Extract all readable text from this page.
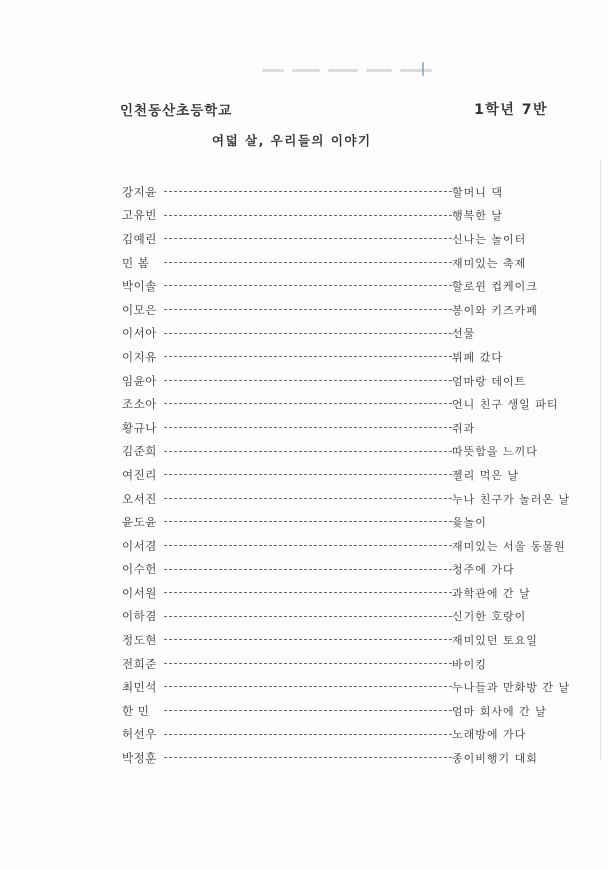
인천동산초등학교	1학년 7반
여덟 살, 우리들의 이야기
강지윤	할머니 댁
고유빈	행복한 날
김예린	신나는 놀이터
민 봄	재미있는 축제
박이솔	할로윈 컵케이크
이모은	봉이와 키즈카페
이서아	선물
이지유	뷔페 갔다
임윤아	엄마랑 데이트
조소아	언니 친구 생일 파티
황규나	쥐과
김준희	따뜻함을 느끼다
여진리	젤리 먹은 날
오서진	누나 친구가 놀러온 날
윤도윤	윷놀이
이서겸	재미있는 서울 동물원
이수헌	청주에 가다
이서원	과학관에 간 날
이하겸	신기한 호랑이
정도현	재미있던 토요일
전희준	바이킹
최민석	누나들과 만화방 간 날
한 민	엄마 회사에 간 날
허선우	노래방에 가다
박정훈	종이비행기 대회
